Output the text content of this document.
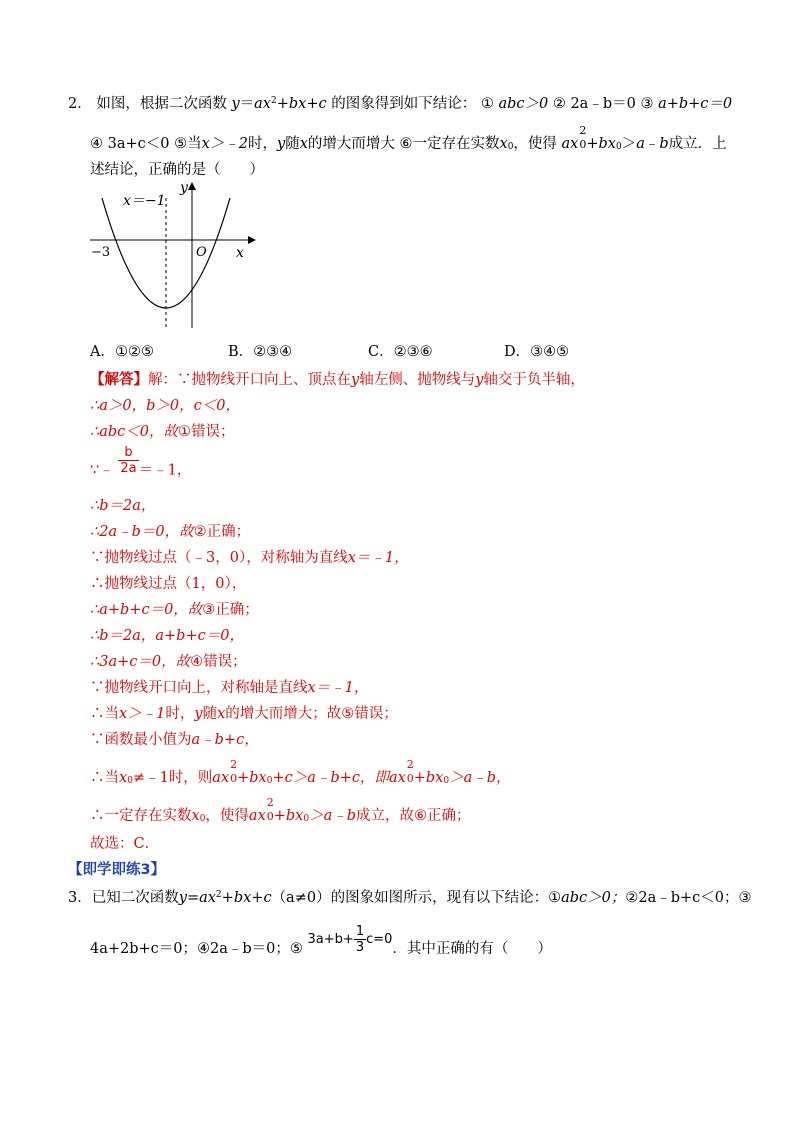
2． 如图，根据二次函数 $y=ax^2+bx+c$ 的图象得到如下结论： ① abc＞0 ② 2a﹣b＝0 ③ a+b+c＝0
④ 3a+c＜0 ⑤当x＞﹣2时，y随x的增大而增大 ⑥一定存在实数$x_0$，使得 ax
2
$0 +bx_0>a﹣b$成立．上
述结论，正确的是（　　）
x＝−1
y
x
O
−3
A．①②⑤	B．②③④	C．②③⑥	D．③④⑤
【解答】解：∵抛物线开口向上、顶点在y轴左侧、抛物线与y轴交于负半轴，
∴a＞0，b＞0，c＜0，
∴abc＜0，故①错误；
∵﹣ $\frac{b}{2a}$ ＝﹣1，
∴b＝2a，
∴2a﹣b＝0，故②正确；
∵抛物线过点（﹣3，0），对称轴为直线x＝﹣1，
∴抛物线过点（1，0），
∴a+b+c＝0，故③正确；
∴b＝2a，a+b+c＝0，
∴3a+c＝0，故④错误；
∵抛物线开口向上，对称轴是直线x＝﹣1，
∴当x＞﹣1时，y随x的增大而增大；故⑤错误；
∵函数最小值为a﹣b+c，
∴当$x_0\ne﹣1$时，则ax
2
$0 +bx_0+c>a﹣b+c$，即ax
2
$0 +bx_0>a﹣b$，
∴一定存在实数$x_0$，使得ax
2
$0 +bx_0>a﹣b$成立，故⑥正确；
故选：C．
【即学即练3】
3．已知二次函数$y=ax^2+bx+c(a\ne 0)$的图象如图所示，现有以下结论：①abc＞0；②2a﹣b+c＜0；③
4a+2b+c＝0；④2a﹣b＝0；⑤ $3a+b+ \frac{1}{3} c=0$．其中正确的有（　　）
